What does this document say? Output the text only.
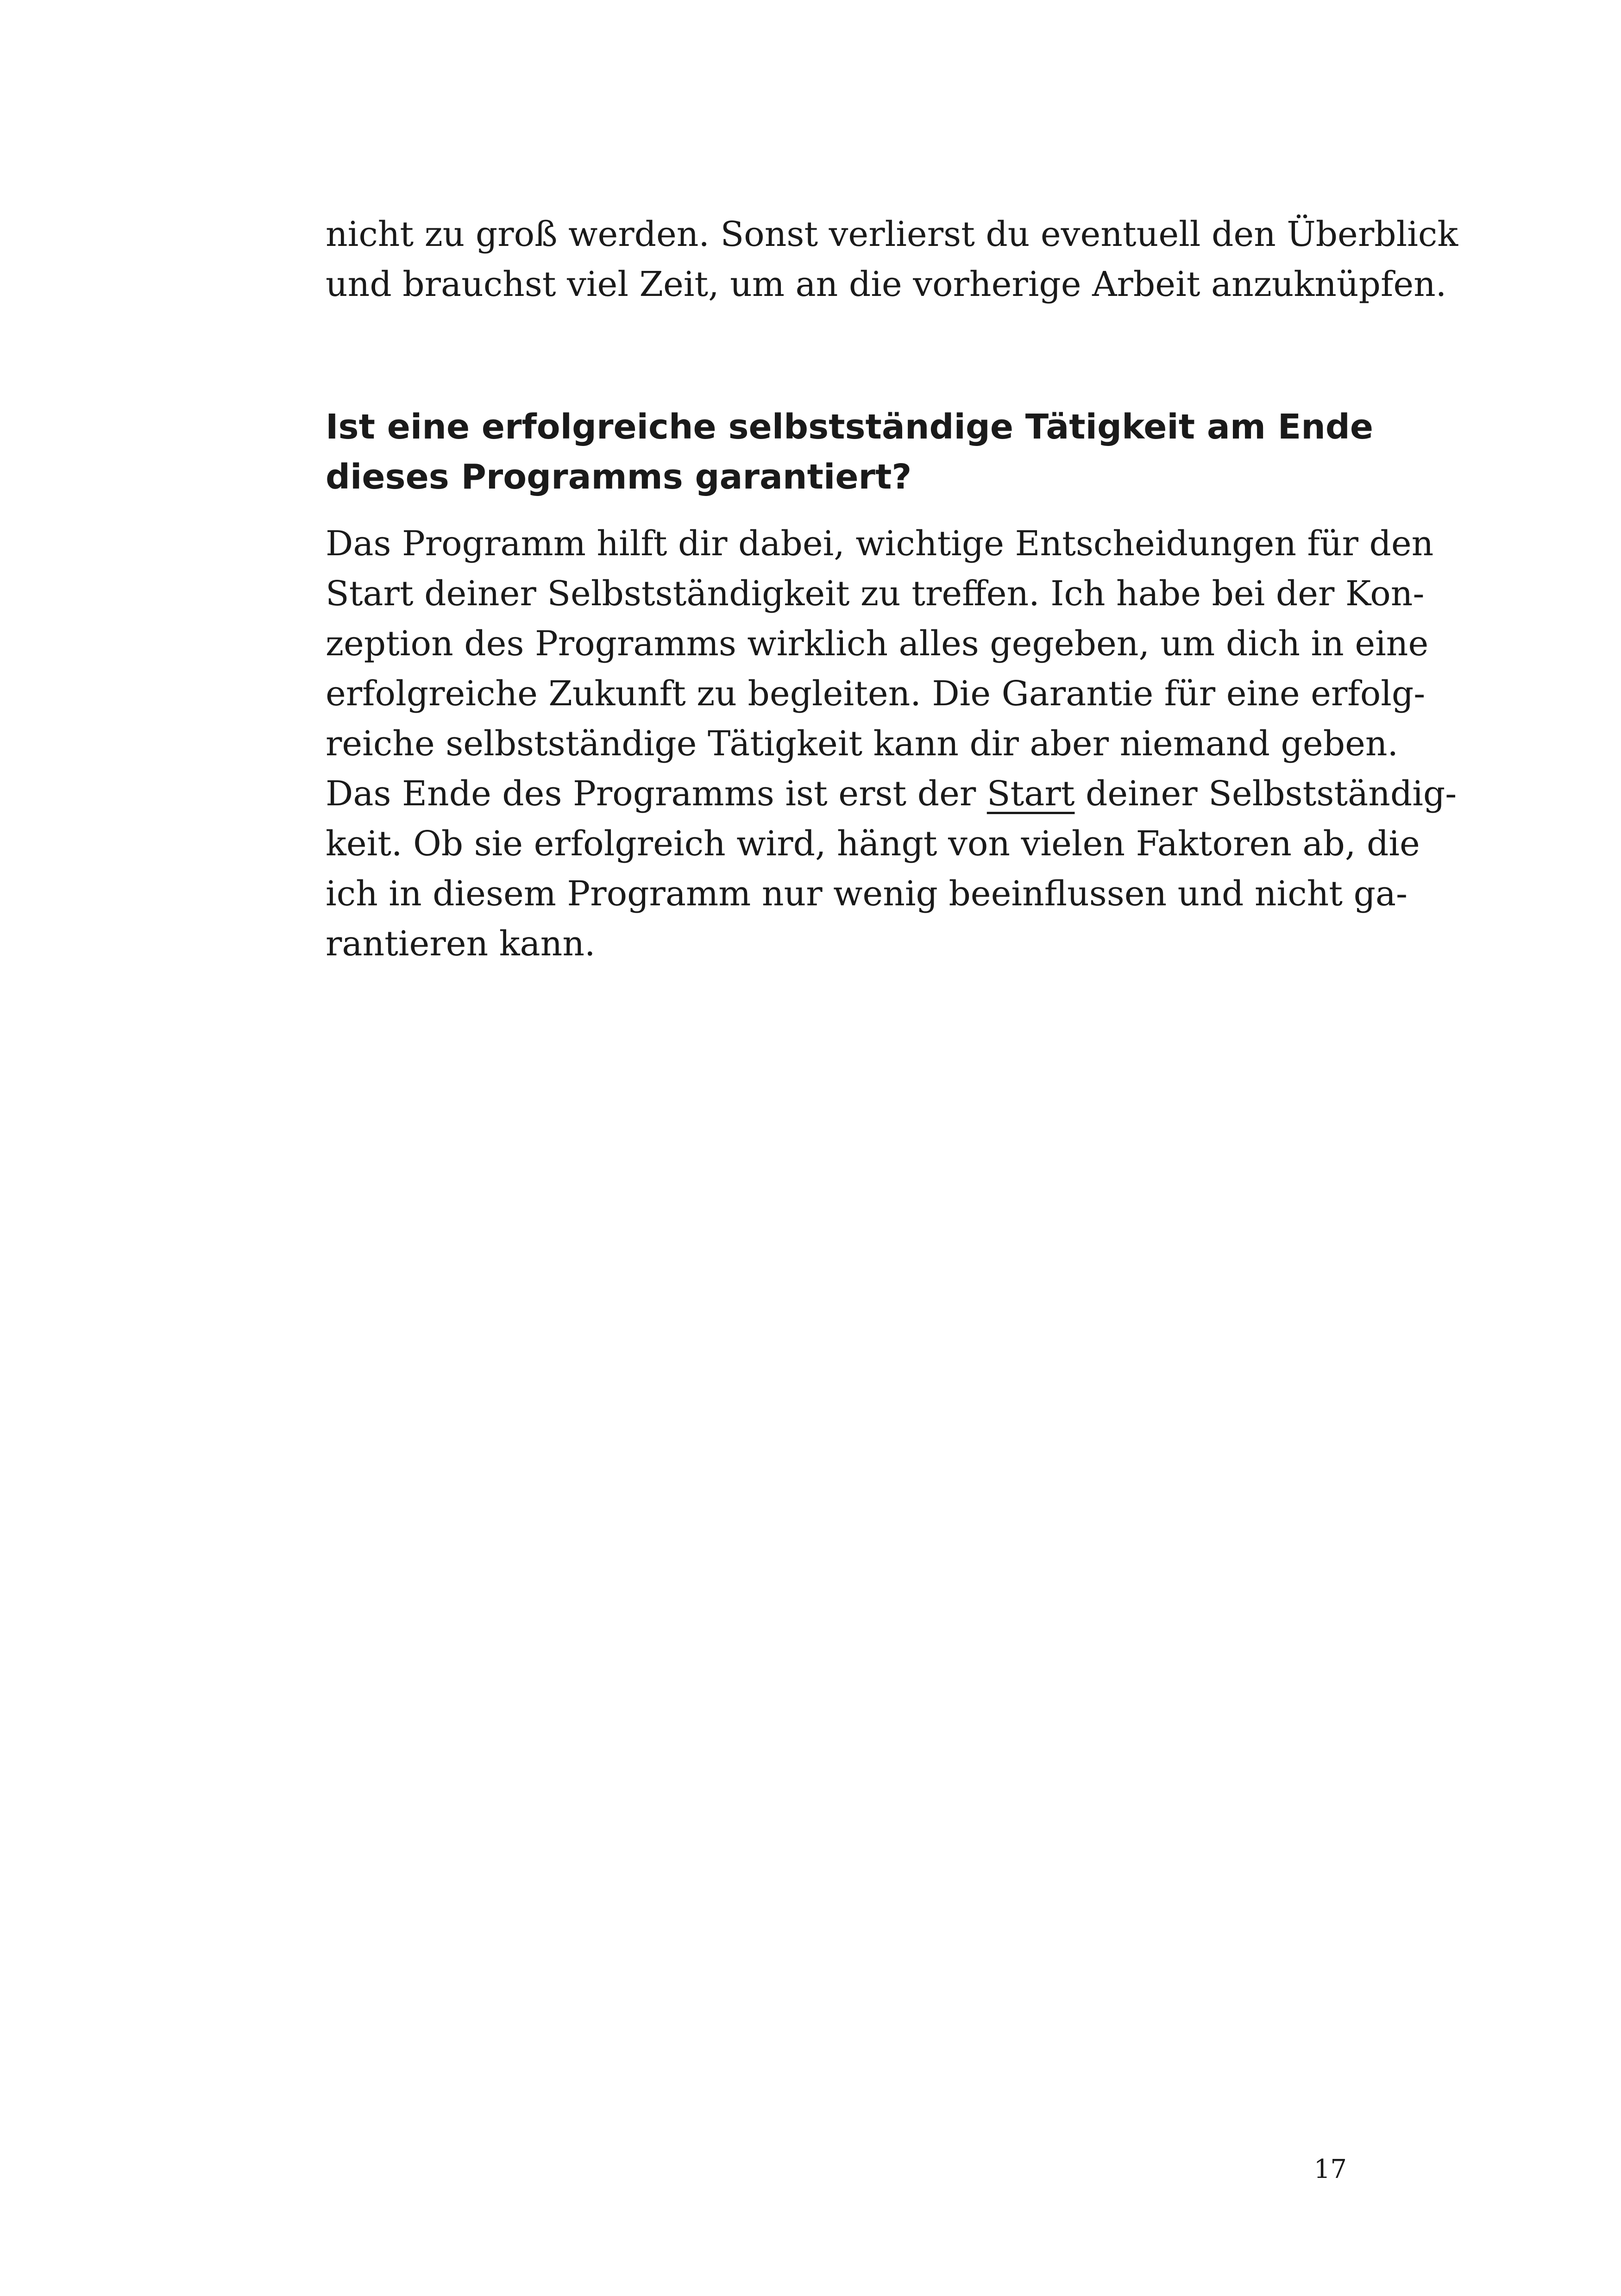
nicht zu groß werden. Sonst verlierst du eventuell den Überblick
und brauchst viel Zeit, um an die vorherige Arbeit anzuknüpfen.
Ist eine erfolgreiche selbstständige Tätigkeit am Ende
dieses Programms garantiert?
Das Programm hilft dir dabei, wichtige Entscheidungen für den
Start deiner Selbstständigkeit zu treffen. Ich habe bei der Kon-
zeption des Programms wirklich alles gegeben, um dich in eine
erfolgreiche Zukunft zu begleiten. Die Garantie für eine erfolg-
reiche selbstständige Tätigkeit kann dir aber niemand geben.
Das Ende des Programms ist erst der Start deiner Selbstständig-
keit. Ob sie erfolgreich wird, hängt von vielen Faktoren ab, die
ich in diesem Programm nur wenig beeinflussen und nicht ga-
rantieren kann.
17
